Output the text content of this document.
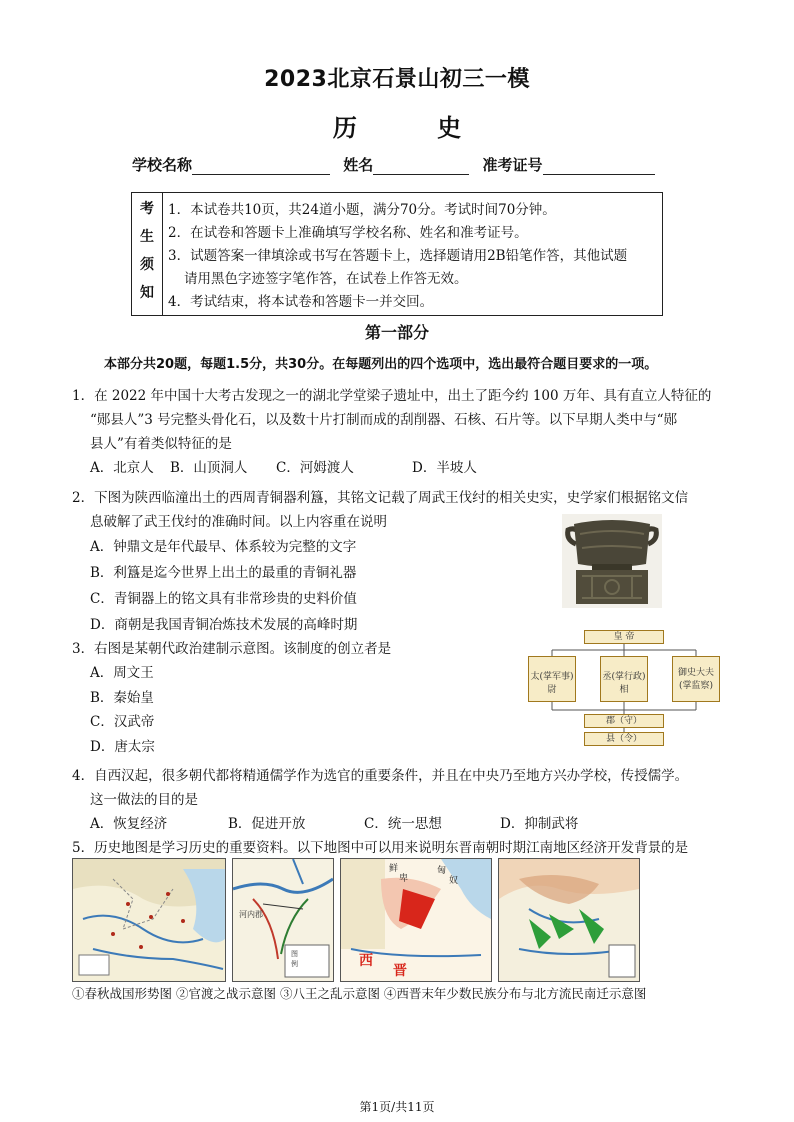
2023北京石景山初三一模
历 史
学校名称	姓名	准考证号
考
生
须
知
1．本试卷共10页，共24道小题，满分70分。考试时间70分钟。
2．在试卷和答题卡上准确填写学校名称、姓名和准考证号。
3．试题答案一律填涂或书写在答题卡上，选择题请用2B铅笔作答，其他试题
请用黑色字迹签字笔作答，在试卷上作答无效。
4．考试结束，将本试卷和答题卡一并交回。
第一部分
本部分共20题，每题1.5分，共30分。在每题列出的四个选项中，选出最符合题目要求的一项。
1．在 2022 年中国十大考古发现之一的湖北学堂梁子遗址中，出土了距今约 100 万年、具有直立人特征的
“郧县人”3 号完整头骨化石，以及数十片打制而成的刮削器、石核、石片等。以下早期人类中与“郧
县人”有着类似特征的是
A．北京人 B．山顶洞人 C．河姆渡人	D．半坡人
2．下图为陕西临潼出土的西周青铜器利簋，其铭文记载了周武王伐纣的相关史实，史学家们根据铭文信
息破解了武王伐纣的准确时间。以上内容重在说明
A．钟鼎文是年代最早、体系较为完整的文字
B．利簋是迄今世界上出土的最重的青铜礼器
C．青铜器上的铭文具有非常珍贵的史料价值
D．商朝是我国青铜冶炼技术发展的高峰时期
3．右图是某朝代政治建制示意图。该制度的创立者是
A．周文王
B．秦始皇
C．汉武帝
D．唐太宗
皇 帝
太(掌军事)尉
丞(掌行政)相
御史大夫(掌监察)
郡（守）
县（令）
4．自西汉起，很多朝代都将精通儒学作为选官的重要条件，并且在中央乃至地方兴办学校，传授儒学。
这一做法的目的是
A．恢复经济	B．促进开放	C．统一思想	D．抑制武将
5．历史地图是学习历史的重要资料。以下地图中可以用来说明东晋南朝时期江南地区经济开发背景的是
河内郡
图
例
鲜
卑
匈
奴
西
晋
①春秋战国形势图 ②官渡之战示意图 ③八王之乱示意图 ④西晋末年少数民族分布与北方流民南迁示意图
第1页/共11页
